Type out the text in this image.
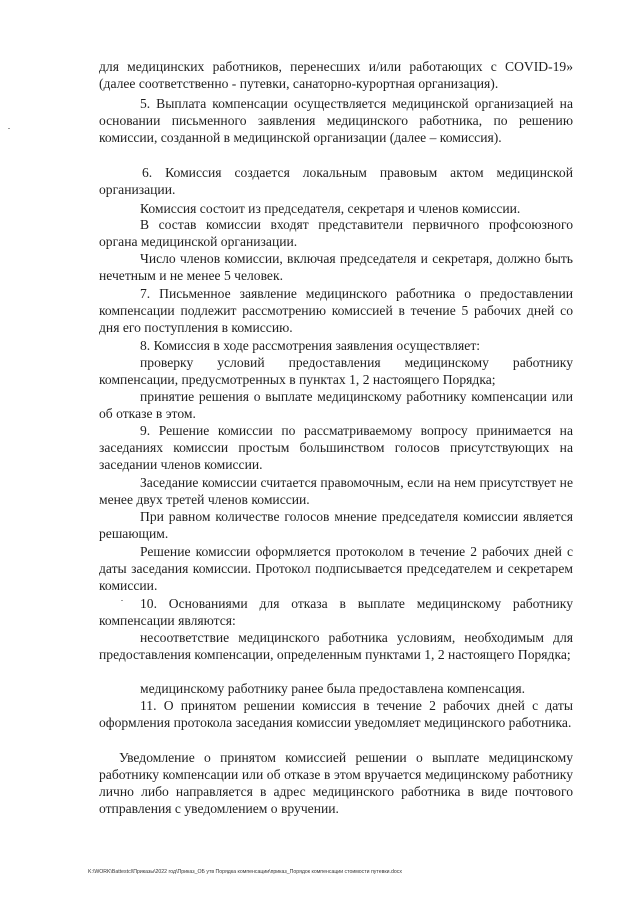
для медицинских работников, перенесших и/или работающих с COVID-19» (далее соответственно - путевки, санаторно-курортная организация).

5. Выплата компенсации осуществляется медицинской организацией на основании письменного заявления медицинского работника, по решению комиссии, созданной в медицинской организации (далее – комиссия).

6. Комиссия создается локальным правовым актом медицинской организации.

Комиссия состоит из председателя, секретаря и членов комиссии.

В состав комиссии входят представители первичного профсоюзного органа медицинской организации.

Число членов комиссии, включая председателя и секретаря, должно быть нечетным и не менее 5 человек.

7. Письменное заявление медицинского работника о предоставлении компенсации подлежит рассмотрению комиссией в течение 5 рабочих дней со дня его поступления в комиссию.

8. Комиссия в ходе рассмотрения заявления осуществляет:

проверку условий предоставления медицинскому работнику компенсации, предусмотренных в пунктах 1, 2 настоящего Порядка;

принятие решения о выплате медицинскому работнику компенсации или об отказе в этом.

9. Решение комиссии по рассматриваемому вопросу принимается на заседаниях комиссии простым большинством голосов присутствующих на заседании членов комиссии.

Заседание комиссии считается правомочным, если на нем присутствует не менее двух третей членов комиссии.

При равном количестве голосов мнение председателя комиссии является решающим.

Решение комиссии оформляется протоколом в течение 2 рабочих дней с даты заседания комиссии. Протокол подписывается председателем и секретарем комиссии.

10. Основаниями для отказа в выплате медицинскому работнику компенсации являются:

несоответствие медицинского работника условиям, необходимым для предоставления компенсации, определенным пунктами 1, 2 настоящего Порядка;

медицинскому работнику ранее была предоставлена компенсация.

11. О принятом решении комиссия в течение 2 рабочих дней с даты оформления протокола заседания комиссии уведомляет медицинского работника.

Уведомление о принятом комиссией решении о выплате медицинскому работнику компенсации или об отказе в этом вручается медицинскому работнику лично либо направляется в адрес медицинского работника в виде почтового отправления с уведомлением о вручении.

K:\WORK\Battestcl\Приказы\2022 год\Приказ_ОБ утв Порядка компенсации\приказ_Порядок компенсации стоимости путевки.docx
